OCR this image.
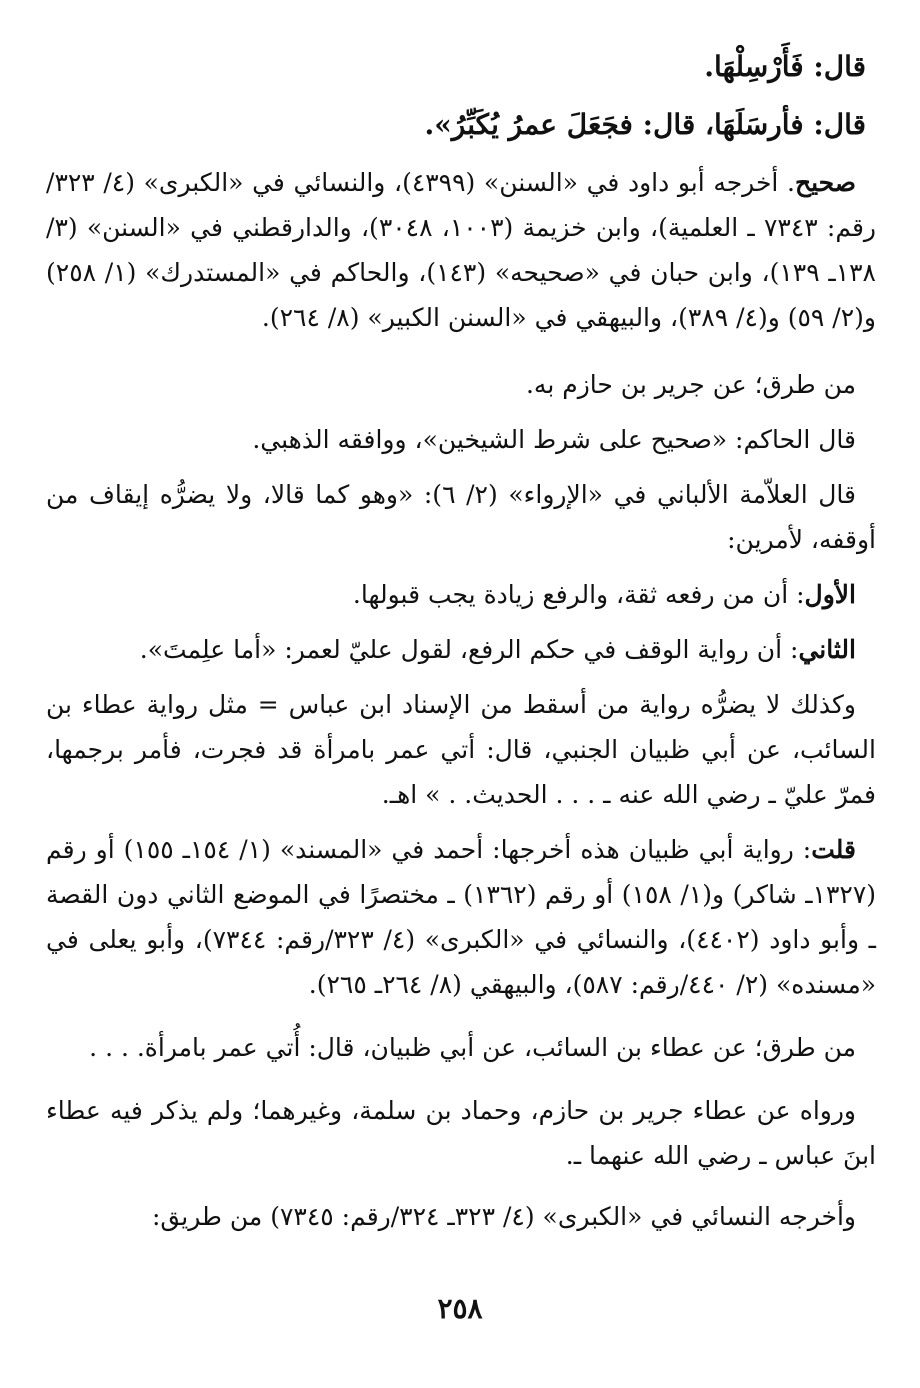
قال: فَأَرْسِلْهَا.

قال: فأرسَلَهَا، قال: فجَعَلَ عمرُ يُكَبِّرُ».

صحيح. أخرجه أبو داود في «السنن» (٤٣٩٩)، والنسائي في «الكبرى» (٤/ ٣٢٣/رقم: ٧٣٤٣ ـ العلمية)، وابن خزيمة (١٠٠٣، ٣٠٤٨)، والدارقطني في «السنن» (٣/ ١٣٨ـ ١٣٩)، وابن حبان في «صحيحه» (١٤٣)، والحاكم في «المستدرك» (١/ ٢٥٨) و(٢/ ٥٩) و(٤/ ٣٨٩)، والبيهقي في «السنن الكبير» (٨/ ٢٦٤).

من طرق؛ عن جرير بن حازم به.

قال الحاكم: «صحيح على شرط الشيخين»، ووافقه الذهبي.

قال العلاّمة الألباني في «الإرواء» (٢/ ٦): «وهو كما قالا، ولا يضرُّه إيقاف من أوقفه، لأمرين:

الأول: أن من رفعه ثقة، والرفع زيادة يجب قبولها.

الثاني: أن رواية الوقف في حكم الرفع، لقول عليّ لعمر: «أما علِمتَ».

وكذلك لا يضرُّه رواية من أسقط من الإسناد ابن عباس = مثل رواية عطاء بن السائب، عن أبي ظبيان الجنبي، قال: أتي عمر بامرأة قد فجرت، فأمر برجمها، فمرّ عليّ ـ رضي الله عنه ـ . . . الحديث. . » اهـ.

قلت: رواية أبي ظبيان هذه أخرجها: أحمد في «المسند» (١/ ١٥٤ـ ١٥٥) أو رقم (١٣٢٧ـ شاكر) و(١/ ١٥٨) أو رقم (١٣٦٢) ـ مختصرًا في الموضع الثاني دون القصة ـ وأبو داود (٤٤٠٢)، والنسائي في «الكبرى» (٤/ ٣٢٣/رقم: ٧٣٤٤)، وأبو يعلى في «مسنده» (٢/ ٤٤٠/رقم: ٥٨٧)، والبيهقي (٨/ ٢٦٤ـ ٢٦٥).

من طرق؛ عن عطاء بن السائب، عن أبي ظبيان، قال: أُتي عمر بامرأة. . . .

ورواه عن عطاء جرير بن حازم، وحماد بن سلمة، وغيرهما؛ ولم يذكر فيه عطاء ابنَ عباس ـ رضي الله عنهما ـ.

وأخرجه النسائي في «الكبرى» (٤/ ٣٢٣ـ ٣٢٤/رقم: ٧٣٤٥) من طريق:

٢٥٨
